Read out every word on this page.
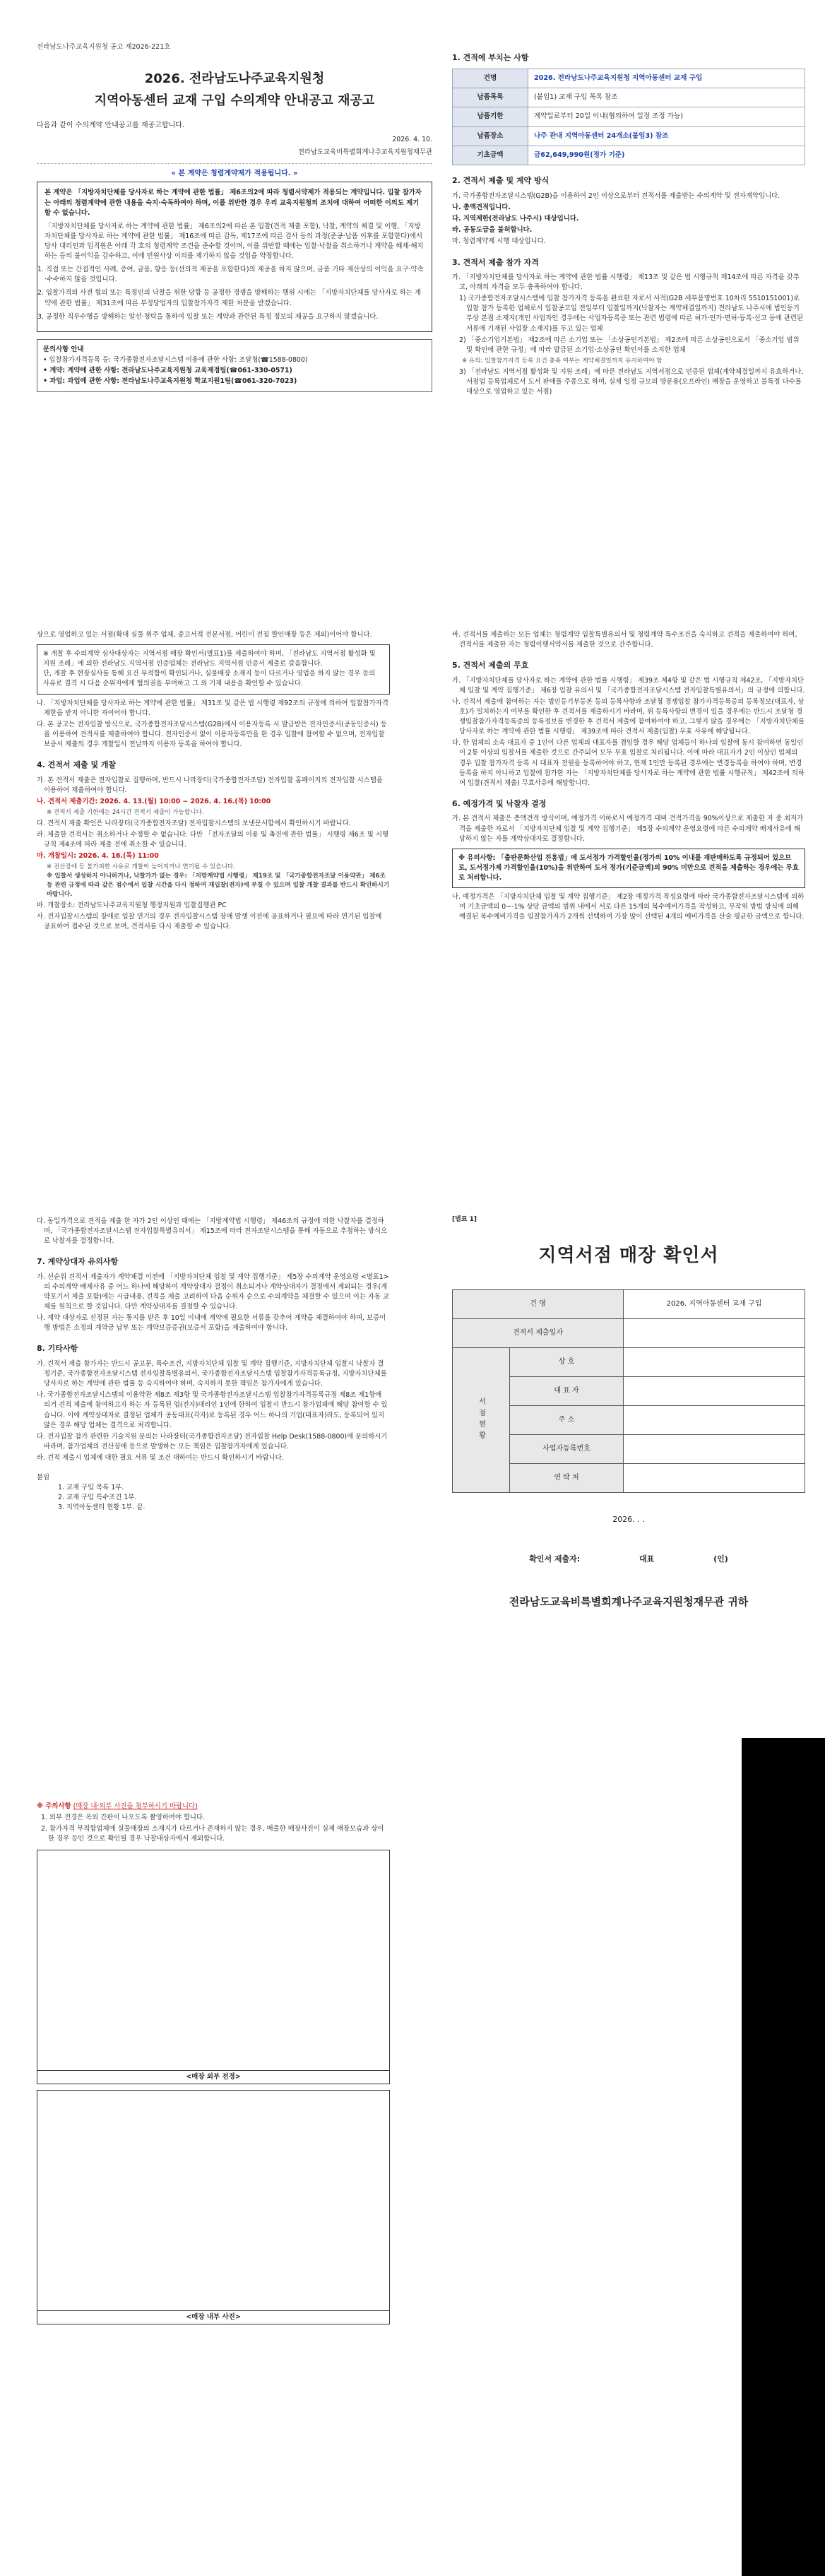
전라남도나주교육지원청 공고 제2026-221호
2026. 전라남도나주교육지원청
지역아동센터 교재 구입 수의계약 안내공고 재공고
다음과 같이 수의계약 안내공고를 재공고합니다.
2026. 4. 10.
전라남도교육비특별회계나주교육지원청재무관
« 본 계약은 청렴계약제가 적용됩니다. »

본 계약은 「지방자치단체를 당사자로 하는 계약에 관한 법률」 제6조의2에 따라 청렴서약제가 적용되는 계약입니다. 입찰 참가자는 아래의 청렴계약에 관한 내용을 숙지·숙독하여야 하며, 이를 위반한 경우 우리 교육지원청의 조치에 대하여 어떠한 이의도 제기할 수 없습니다.

「지방자치단체를 당사자로 하는 계약에 관한 법률」 제6조의2에 따른 본 입찰(견적 제출 포함), 낙찰, 계약의 체결 및 이행, 「지방자치단체를 당사자로 하는 계약에 관한 법률」 제16조에 따른 감독, 제17조에 따른 검사 등의 과정(준공·납품 이후를 포함한다)에서 당사 대리인과 임직원은 아래 각 호의 청렴계약 조건을 준수할 것이며, 이를 위반할 때에는 입찰·낙찰을 취소하거나 계약을 해제·해지하는 등의 불이익을 감수하고, 이에 민원사상 이의를 제기하지 않을 것임을 약정합니다.

1. 직접 또는 간접적인 사례, 증여, 금품, 향응 등(선의적 제공을 포함한다)의 제공을 하지 않으며, 금품 기타 재산상의 이익을 요구·약속·수수하지 않을 것입니다.

2. 입찰가격의 사전 협의 또는 특정인의 낙찰을 위한 담합 등 공정한 경쟁을 방해하는 행위 시에는 「지방자치단체를 당사자로 하는 계약에 관한 법률」 제31조에 따른 부정당업자의 입찰참가자격 제한 처분을 받겠습니다.

3. 공정한 직무수행을 방해하는 알선·청탁을 통하여 입찰 또는 계약과 관련된 특정 정보의 제공을 요구하지 않겠습니다.

문의사항 안내
• 입찰참가자격등록 등: 국가종합전자조달시스템 이용에 관한 사항: 조달청(☎1588-0800)
• 계약: 계약에 관한 사항: 전라남도나주교육지원청 교육재정팀(☎061-330-0571)
• 과업: 과업에 관한 사항: 전라남도나주교육지원청 학교지원1팀(☎061-320-7023)
1. 견적에 부치는 사항
건명	2026. 전라남도나주교육지원청 지역아동센터 교재 구입
납품목록	(붙임1) 교재 구입 목록 참조
납품기한	계약일로부터 20일 이내(협의하여 일정 조정 가능)
납품장소	나주 관내 지역아동센터 24개소(붙임3) 참조
기초금액	금62,649,990원(정가 기준)
2. 견적서 제출 및 계약 방식
가. 국가종합전자조달시스템(G2B)을 이용하여 2인 이상으로부터 견적서를 제출받는 수의계약 및 전자계약입니다.
나. 총액견적입니다.
다. 지역제한(전라남도 나주시) 대상입니다.
라. 공동도급을 불허합니다.
마. 청렴계약제 시행 대상입니다.
3. 견적서 제출 참가 자격
가. 「지방자치단체를 당사자로 하는 계약에 관한 법률 시행령」 제13조 및 같은 법 시행규칙 제14조에 따른 자격을 갖추고, 아래의 자격을 모두 충족하여야 합니다.
1) 국가종합전자조달시스템에 입찰 참가자격 등록을 완료한 자로서 서적(G2B 세부품명번호 10차리 5510151001)로 입찰 참가 등록한 업체로서 입찰공고일 전일부터 입찰일까지(낙찰자는 계약체결일까지) 전라남도 나주시에 법인등기부상 본점 소재지(개인 사업자인 경우에는 사업자등록증 또는 관련 법령에 따른 허가·인가·면허·등록·신고 등에 관련된 서류에 기재된 사업장 소재지)를 두고 있는 업체
2) 「중소기업기본법」 제2조에 따른 소기업 또는 「소상공인기본법」 제2조에 따른 소상공인으로서 「중소기업 범위 및 확인에 관한 규정」에 따라 발급된 소기업·소상공인 확인서를 소지한 업체
※ 유의: 입찰참가자격 등록 요건 충족 여부는 계약체결일까지 유지하여야 함
3) 「전라남도 지역서점 활성화 및 지원 조례」에 따른 전라남도 지역서점으로 인증된 업체(계약체결일까지 유효하거나, 서점업 등록업체로서 도서 판매를 주종으로 하며, 실제 일정 규모의 방문용(오프라인) 매장을 운영하고 불특정 다수를 대상으로 영업하고 있는 서점)
상으로 영업하고 있는 서점(확대 실물 위주 업체, 중고서적 전문서점, 어린이 전집 할인매장 등은 제외)이어야 합니다.
※ 개찰 후 수의계약 심사대상자는 지역서점 매장 확인서(별표1)를 제출하여야 하며, 「전라남도 지역서점 활성화 및 지원 조례」에 의한 전라남도 지역서점 인증업체는 전라남도 지역서점 인증서 제출로 갈음합니다.
단, 개찰 후 현장실사를 통해 요건 부적합이 확인되거나, 실물매장 소재지 등이 다르거나 영업을 하지 않는 경우 등의 사유로 결격 시 다음 순위자에게 협의권을 부여하고 그 외 기재 내용을 확인할 수 있습니다.
나. 「지방자치단체를 당사자로 하는 계약에 관한 법률」 제31조 및 같은 법 시행령 제92조의 규정에 의하여 입찰참가자격 제한을 받지 아니한 자이어야 합니다.
다. 본 공고는 전자입찰 방식으로, 국가종합전자조달시스템(G2B)에서 이용자등록 시 발급받은 전자인증서(공동인증서) 등을 이용하여 견적서를 제출하여야 합니다. 전자인증서 없이 이용자등록만을 한 경우 입찰에 참여할 수 없으며, 전자입찰 보증서 제출의 경우 개찰일시 전날까지 이용자 등록을 하여야 합니다.
4. 견적서 제출 및 개찰
가. 본 견적서 제출은 전자입찰로 집행하며, 반드시 나라장터(국가종합전자조달) 전자입찰 홈페이지의 전자입찰 시스템을 이용하여 제출하여야 합니다.
나. 견적서 제출기간: 2026. 4. 13.(월) 10:00 ~ 2026. 4. 16.(목) 10:00
※ 견적서 제출 기한에는 24시간 견적서 제출이 가능합니다.
다. 견적서 제출 확인은 나라장터(국가종합전자조달) 전자입찰시스템의 보낸문서함에서 확인하시기 바랍니다.
라. 제출한 견적서는 취소하거나 수정할 수 없습니다. 다만 「전자조달의 이용 및 촉진에 관한 법률」 시행령 제6조 및 시행규칙 제4조에 따라 제출 전에 취소할 수 있습니다.
마. 개찰일시: 2026. 4. 16.(목) 11:00
※ 전산장애 등 불가피한 사유로 개찰이 늦어지거나 연기될 수 있습니다.
※ 입찰서 생성하지 아니하거나, 낙찰가가 없는 경우: 「지방계약법 시행령」 제19조 및 「국가종합전자조달 이용약관」 제6조 등 관련 규정에 따라 같은 점수에서 입찰 시간을 다시 정하여 재입찰(전자)에 부칠 수 있으며 입찰 개찰 결과를 반드시 확인하시기 바랍니다.
바. 개찰장소: 전라남도나주교육지원청 행정지원과 입찰집행관 PC
사. 전자입찰시스템의 장애로 입찰 연기의 경우 전자입찰시스템 장애 발생 이전에 공표하거나 필요에 따라 연기된 입찰에 공표하여 접수된 것으로 보며, 견적서를 다시 제출할 수 있습니다.
바. 견적서를 제출하는 모든 업체는 청렴계약 입찰특별유의서 및 청렴계약 특수조건을 숙지하고 견적을 제출하여야 하며, 견적서를 제출한 자는 청렴이행서약서를 제출한 것으로 간주합니다.
5. 견적서 제출의 무효
가. 「지방자치단체를 당사자로 하는 계약에 관한 법률 시행령」 제39조 제4항 및 같은 법 시행규칙 제42조, 「지방자치단체 입찰 및 계약 집행기준」 제6장 입찰 유의서 및 「국가종합전자조달시스템 전자입찰특별유의서」의 규정에 의합니다.
나. 견적서 제출에 참여하는 자는 법인등기부등본 등의 등록사항과 조달청 경쟁입찰 참가자격등록증의 등록정보(대표자, 상호)가 일치하는지 여부를 확인한 후 견적서를 제출하시기 바라며, 위 등록사항의 변경이 있을 경우에는 반드시 조달청 경쟁입찰참가자격등록증의 등록정보를 변경한 후 견적서 제출에 참여하여야 하고, 그렇지 않을 경우에는 「지방자치단체를 당사자로 하는 계약에 관한 법률 시행령」 제39조에 따라 견적서 제출(입찰) 무효 사유에 해당됩니다.
다. 한 업체의 소속 대표자 중 1인이 다른 업체의 대표자를 겸임할 경우 해당 업체들이 하나의 입찰에 동시 참여하면 동일인이 2통 이상의 입찰서를 제출한 것으로 간주되어 모두 무효 입찰로 처리됩니다. 이에 따라 대표자가 2인 이상인 업체의 경우 입찰 참가자격 등록 시 대표자 전원을 등록하여야 하고, 현재 1인만 등록된 경우에는 변경등록을 하여야 하며, 변경등록을 하지 아니하고 입찰에 참가한 자는 「지방자치단체를 당사자로 하는 계약에 관한 법률 시행규칙」 제42조에 의하여 입찰(견적서 제출) 무효사유에 해당합니다.
6. 예정가격 및 낙찰자 결정
가. 본 견적서 제출은 총액견적 방식이며, 예정가격 이하로서 예정가격 대비 견적가격을 90%이상으로 제출한 자 중 최저가격을 제출한 자로서 「지방자치단체 입찰 및 계약 집행기준」 제5장 수의계약 운영요령에 따른 수의계약 배제사유에 해당하지 않는 자를 계약상대자로 결정합니다.
※ 유의사항: 「출판문화산업 진흥법」에 도서정가 가격할인율(정가의 10% 이내를 재판매하도록 규정되어 있으므로, 도서정가제 가격할인율(10%)을 위반하여 도서 정가(기준금액)의 90% 미만으로 견적을 제출하는 경우에는 무효로 처리합니다.
나. 예정가격은 「지방자치단체 입찰 및 계약 집행기준」 제2장 예정가격 작성요령에 따라 국가종합전자조달시스템에 의하여 기초금액의 0~-1% 상당 금액의 범위 내에서 서로 다른 15개의 복수예비가격을 작성하고, 무작위 방법 방식에 의해 예결된 복수예비가격을 입찰참가자가 2개씩 선택하여 가장 많이 선택된 4개의 예비가격을 산술 평균한 금액으로 합니다.
다. 동일가격으로 견적을 제출 한 자가 2인 이상인 때에는 「지방계약법 시행령」 제46조의 규정에 의한 낙찰자를 결정하며, 「국가종합전자조달시스템 전자입찰특별유의서」 제15조에 따라 전자조달시스템을 통해 자동으로 추첨하는 방식으로 낙찰자를 결정합니다.
7. 계약상대자 유의사항
가. 선순위 견적서 제출자가 계약체결 이전에 「지방자치단체 입찰 및 계약 집행기준」 제5장 수의계약 운영요령 <별표1>의 수의계약 배제사유 중 어느 하나에 해당하여 계약상대자 결정이 취소되거나 계약상대자가 결정에서 제외되는 경우(계약포기서 제출 포함)에는 시급내용, 견적을 제출 고려하여 다음 순위자 순으로 수의계약을 체결할 수 있으며 이는 자동 교체를 원칙으로 할 것입니다. 다만 계약상대자를 결정할 수 있습니다.
나. 계약 대상자로 선정된 자는 통지를 받은 후 10일 이내에 계약에 필요한 서류를 갖추어 계약을 체결하여야 하며, 보증이행 방법은 소정의 계약금 납부 또는 계약보증증권(보증서 포함)을 제출하여야 합니다.
8. 기타사항
가. 견적서 제출 참가자는 반드시 공고문, 특수조건, 지방자치단체 입찰 및 계약 집행기준, 지방자치단체 입찰시 낙찰자 결정기준, 국가종합전자조달시스템 전자입찰특별유의서, 국가종합전자조달시스템 입찰참가자격등록규정, 지방자치단체를 당사자로 하는 계약에 관한 법률 등 숙지하여야 하며, 숙지하지 못한 책임은 참가자에게 있습니다.
나. 국가종합전자조달시스템의 이용약관 제8조 제3항 및 국가종합전자조달시스템 입찰참가자격등록규정 제8조 제1항에 의거 견적 제출에 참여하고자 하는 자 등록된 업(전자)대리인 1인에 한하여 입찰시 반드시 참가업체에 해당 참여할 수 있습니다. 이에 계약상대자로 결정된 업체가 공동대표(각자)로 등록된 경우 어느 하나의 기업(대표자)라도, 등록되어 있지 않은 경우 해당 업체는 결격으로 처리합니다.
다. 전자입찰 참가 관련한 기술지원 문의는 나라장터(국가종합전자조달) 전자입찰 Help Desk(1588-0800)에 문의하시기 바라며, 참가업체의 전산장애 등으로 발생하는 모든 책임은 입찰참가자에게 있습니다.
라. 견적 제출시 업체에 대한 필요 서류 및 조건 대하여는 반드시 확인하시기 바랍니다.
붙임
1. 교재 구입 목록 1부.
2. 교재 구입 특수조건 1부.
3. 지역아동센터 현황 1부. 끝.
[별표 1]
지역서점 매장 확인서
건 명		2026. 지역아동센터 교재 구입
견적서 제출일자		
서점현황	상 호	
	대 표 자	
	주 소	
	사업자등록번호	
	연 락 처	
2026. . .
확인서 제출자:	대표	(인)
전라남도교육비특별회계나주교육지원청재무관 귀하
※ 주의사항 (매장 내·외부 사진을 첨부하시기 바랍니다)
1. 외부 전경은 옥외 간판이 나오도록 촬영하여야 합니다.
2. 참가자격 부적합업체에 실물매장의 소재지가 다르거나 존재하지 않는 경우, 매출한 매장사진이 실제 매장모습과 상이한 경우 등인 것으로 확인될 경우 낙찰대상자에서 제외합니다.
<매장 외부 전경>
<매장 내부 사진>
